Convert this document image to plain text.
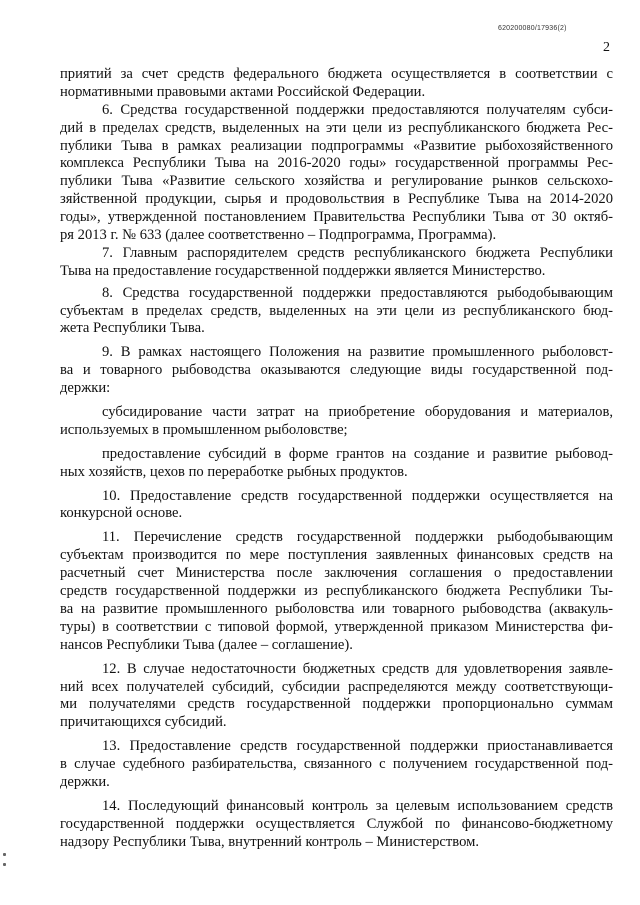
620200080/17936(2)
2
приятий за счет средств федерального бюджета осуществляется в соответствии с
нормативными правовыми актами Российской Федерации.
6. Средства государственной поддержки предоставляются получателям субси-
дий в пределах средств, выделенных на эти цели из республиканского бюджета Рес-
публики Тыва в рамках реализации подпрограммы «Развитие рыбохозяйственного
комплекса Республики Тыва на 2016-2020 годы» государственной программы Рес-
публики Тыва «Развитие сельского хозяйства и регулирование рынков сельскохо-
зяйственной продукции, сырья и продовольствия в Республике Тыва на 2014-2020
годы», утвержденной постановлением Правительства Республики Тыва от 30 октяб-
ря 2013 г. № 633 (далее соответственно – Подпрограмма, Программа).
7. Главным распорядителем средств республиканского бюджета Республики
Тыва на предоставление государственной поддержки является Министерство.
8. Средства государственной поддержки предоставляются рыбодобывающим
субъектам в пределах средств, выделенных на эти цели из республиканского бюд-
жета Республики Тыва.
9. В рамках настоящего Положения на развитие промышленного рыболовст-
ва и товарного рыбоводства оказываются следующие виды государственной под-
держки:
субсидирование части затрат на приобретение оборудования и материалов,
используемых в промышленном рыболовстве;
предоставление субсидий в форме грантов на создание и развитие рыбовод-
ных хозяйств, цехов по переработке рыбных продуктов.
10. Предоставление средств государственной поддержки осуществляется на
конкурсной основе.
11. Перечисление средств государственной поддержки рыбодобывающим
субъектам производится по мере поступления заявленных финансовых средств на
расчетный счет Министерства после заключения соглашения о предоставлении
средств государственной поддержки из республиканского бюджета Республики Ты-
ва на развитие промышленного рыболовства или товарного рыбоводства (аквакуль-
туры) в соответствии с типовой формой, утвержденной приказом Министерства фи-
нансов Республики Тыва (далее – соглашение).
12. В случае недостаточности бюджетных средств для удовлетворения заявле-
ний всех получателей субсидий, субсидии распределяются между соответствующи-
ми получателями средств государственной поддержки пропорционально суммам
причитающихся субсидий.
13. Предоставление средств государственной поддержки приостанавливается
в случае судебного разбирательства, связанного с получением государственной под-
держки.
14. Последующий финансовый контроль за целевым использованием средств
государственной поддержки осуществляется Службой по финансово-бюджетному
надзору Республики Тыва, внутренний контроль – Министерством.
